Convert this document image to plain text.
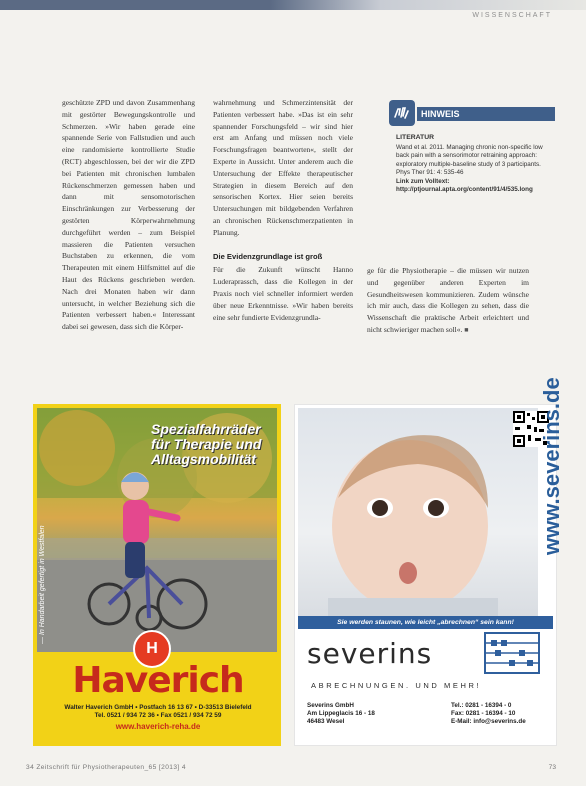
WISSENSCHAFT

geschützte ZPD und davon Zusammenhang mit gestörter Bewegungskontrolle und Schmerzen. »Wir haben gerade eine spannende Serie von Fallstudien und auch eine randomisierte kontrollierte Studie (RCT) abgeschlossen, bei der wir die ZPD bei Patienten mit chronischen lumbalen Rückenschmerzen gemessen haben und dann mit sensomotorischen Einschränkungen zur Verbesserung der gestörten Körperwahrnehmung durchgeführt werden – zum Beispiel massieren die Patienten versuchen Buchstaben zu erkennen, die vom Therapeuten mit einem Hilfsmittel auf die Haut des Rückens geschrieben werden. Nach drei Monaten haben wir dann untersucht, in welcher Beziehung sich die Patienten verbessert haben.« Interessant dabei sei gewesen, dass sich die Körper-

wahrnehmung und Schmerzintensität der Patienten verbessert habe. »Das ist ein sehr spannender Forschungsfeld – wir sind hier erst am Anfang und müssen noch viele Forschungsfragen beantworten«, stellt der Experte in Aussicht. Unter anderem auch die Untersuchung der Effekte therapeutischer Strategien in diesem Bereich auf den sensorischen Kortex. Hier seien bereits Untersuchungen mit bildgebenden Verfahren an chronischen Rückenschmerzpatienten in Planung.

Die Evidenzgrundlage ist groß

Für die Zukunft wünscht Hanno Luderaprassch, dass die Kollegen in der Praxis noch viel schneller informiert werden über neue Erkenntnisse. »Wir haben bereits eine sehr fundierte Evidenzgrundla-

ge für die Physiotherapie – die müssen wir nutzen und gegenüber anderen Experten im Gesundheitswesen kommunizieren. Zudem wünsche ich mir auch, dass die Kollegen zu sehen, dass die Wissenschaft die praktische Arbeit erleichtert und nicht schwieriger machen soll«. ■

HINWEIS
LITERATUR
Wand et al. 2011. Managing chronic non-specific low back pain with a sensorimotor retraining approach: exploratory multiple-baseline study of 3 participants. Phys Ther 91: 4: 535-46
Link zum Volltext: http://ptjournal.apta.org/content/91/4/535.long
Spezialfahrräder
für Therapie und
Alltagsmobilität
— In Handarbeit gefertigt in Westfalen
H
Haverich
Walter Haverich GmbH • Postfach 16 13 67 • D-33513 Bielefeld
Tel. 0521 / 934 72 36 • Fax 0521 / 934 72 59
www.haverich-reha.de
www.severins.de
Sie werden staunen, wie leicht „abrechnen“ sein kann!
severins
ABRECHNUNGEN. UND MEHR!
Severins GmbH
Am Lippeglacis 16 - 18
46483 Wesel
Tel.: 0281 - 16394 - 0
Fax: 0281 - 16394 - 10
E-Mail: info@severins.de
34 Zeitschrift für Physiotherapeuten_65 [2013] 4	73
